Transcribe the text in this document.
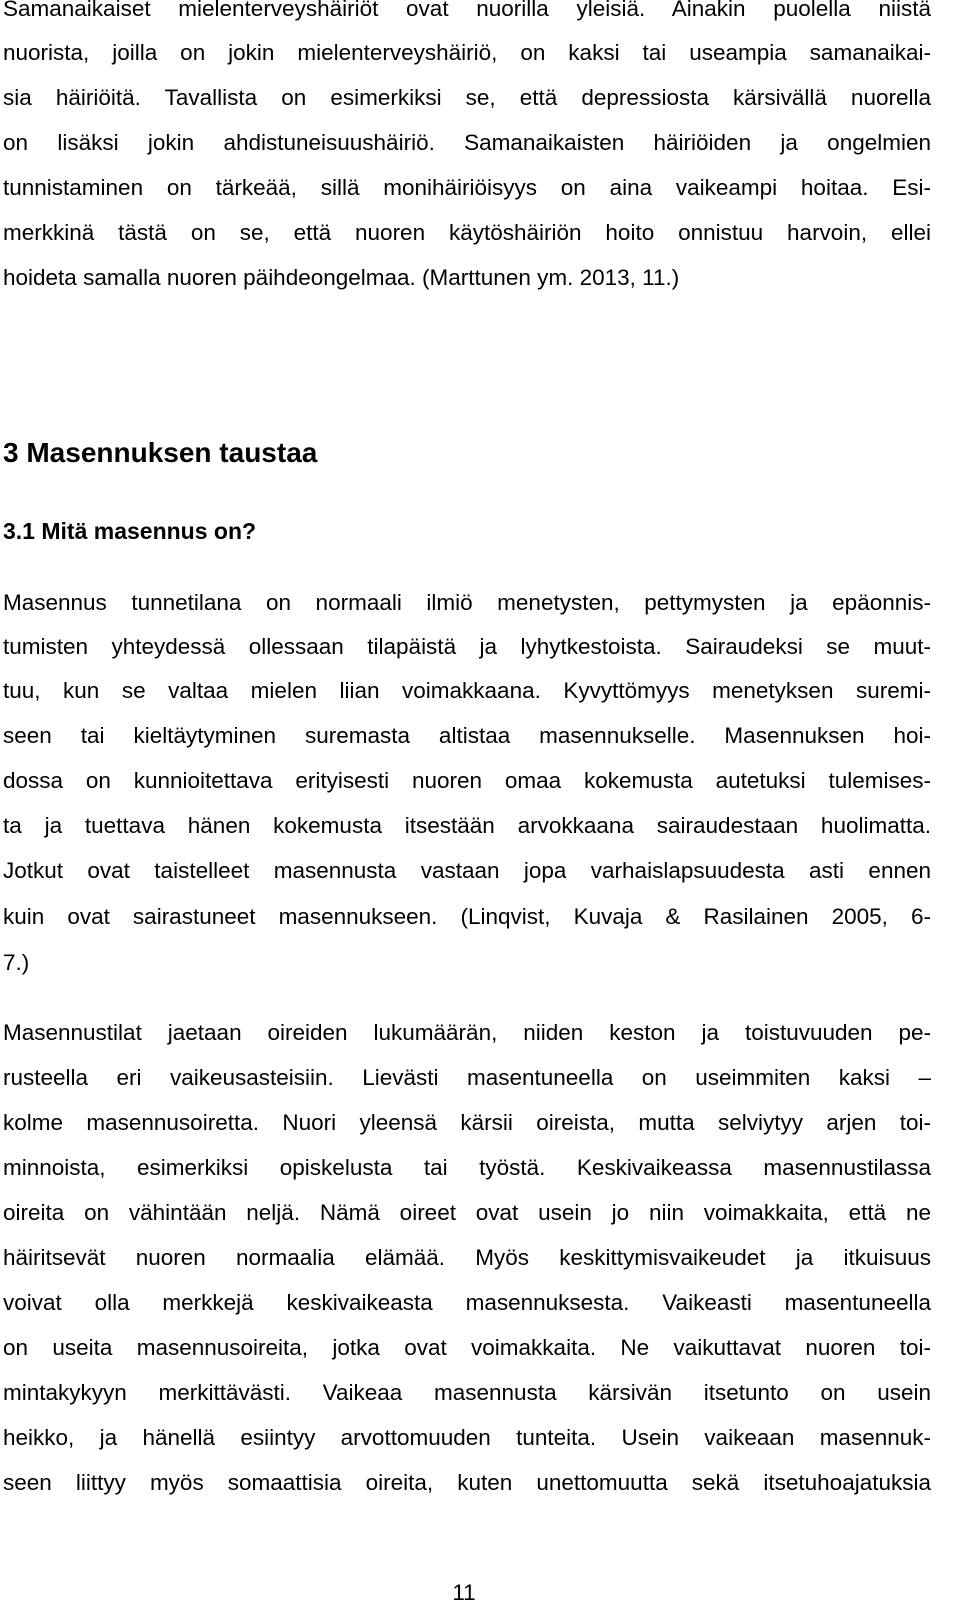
Samanaikaiset mielenterveyshäiriöt ovat nuorilla yleisiä. Ainakin puolella niistä
nuorista, joilla on jokin mielenterveyshäiriö, on kaksi tai useampia samanaikai-
sia häiriöitä. Tavallista on esimerkiksi se, että depressiosta kärsivällä nuorella
on lisäksi jokin ahdistuneisuushäiriö. Samanaikaisten häiriöiden ja ongelmien
tunnistaminen on tärkeää, sillä monihäiriöisyys on aina vaikeampi hoitaa. Esi-
merkkinä tästä on se, että nuoren käytöshäiriön hoito onnistuu harvoin, ellei
hoideta samalla nuoren päihdeongelmaa. (Marttunen ym. 2013, 11.)
3 Masennuksen taustaa
3.1 Mitä masennus on?
Masennus tunnetilana on normaali ilmiö menetysten, pettymysten ja epäonnis-
tumisten yhteydessä ollessaan tilapäistä ja lyhytkestoista. Sairaudeksi se muut-
tuu, kun se valtaa mielen liian voimakkaana. Kyvyttömyys menetyksen suremi-
seen tai kieltäytyminen suremasta altistaa masennukselle. Masennuksen hoi-
dossa on kunnioitettava erityisesti nuoren omaa kokemusta autetuksi tulemises-
ta ja tuettava hänen kokemusta itsestään arvokkaana sairaudestaan huolimatta.
Jotkut ovat taistelleet masennusta vastaan jopa varhaislapsuudesta asti ennen
kuin ovat sairastuneet masennukseen. (Linqvist, Kuvaja & Rasilainen 2005, 6-
7.)
Masennustilat jaetaan oireiden lukumäärän, niiden keston ja toistuvuuden pe-
rusteella eri vaikeusasteisiin. Lievästi masentuneella on useimmiten kaksi –
kolme masennusoiretta. Nuori yleensä kärsii oireista, mutta selviytyy arjen toi-
minnoista, esimerkiksi opiskelusta tai työstä. Keskivaikeassa masennustilassa
oireita on vähintään neljä. Nämä oireet ovat usein jo niin voimakkaita, että ne
häiritsevät nuoren normaalia elämää. Myös keskittymisvaikeudet ja itkuisuus
voivat olla merkkejä keskivaikeasta masennuksesta. Vaikeasti masentuneella
on useita masennusoireita, jotka ovat voimakkaita. Ne vaikuttavat nuoren toi-
mintakykyyn merkittävästi. Vaikeaa masennusta kärsivän itsetunto on usein
heikko, ja hänellä esiintyy arvottomuuden tunteita. Usein vaikeaan masennuk-
seen liittyy myös somaattisia oireita, kuten unettomuutta sekä itsetuhoajatuksia
11
